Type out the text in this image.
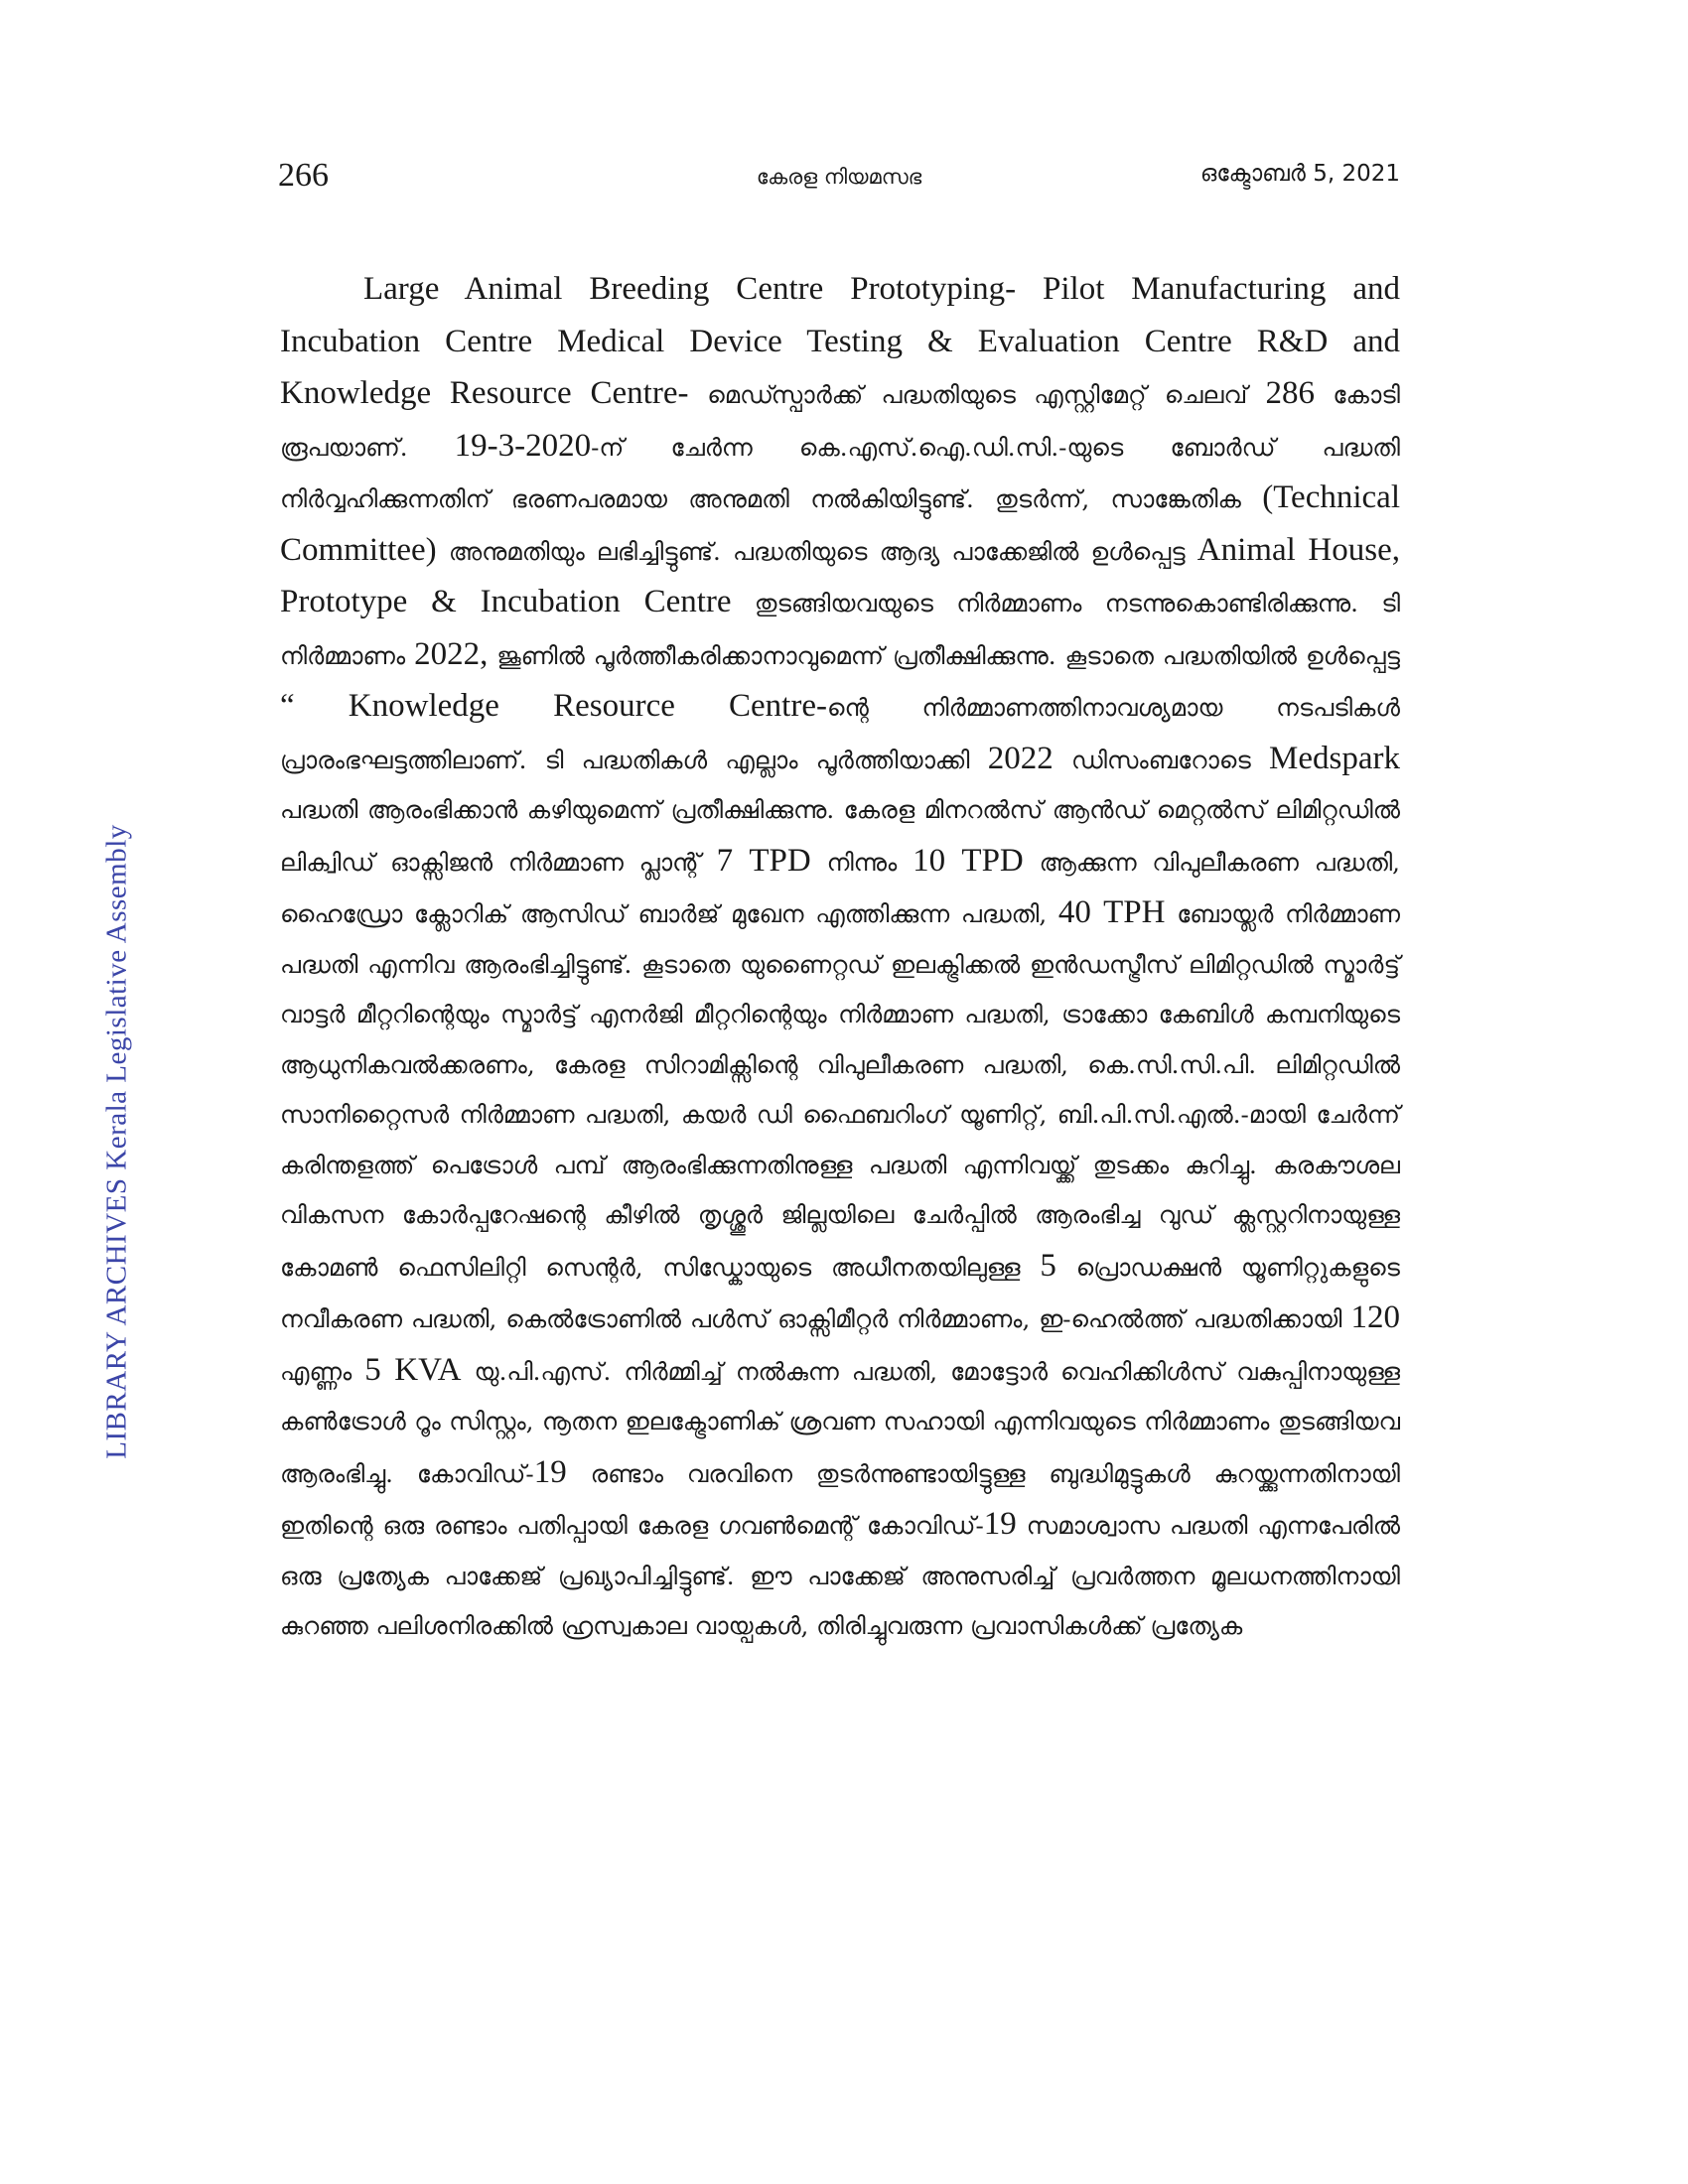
266	കേരള നിയമസഭ	ഒക്ടോബർ 5, 2021
LIBRARY ARCHIVES Kerala Legislative Assembly

Large Animal Breeding Centre Prototyping- Pilot Manufacturing and Incubation Centre Medical Device Testing & Evaluation Centre R&D and Knowledge Resource Centre- മെഡ്സ്പാർക്ക് പദ്ധതിയുടെ എസ്റ്റിമേറ്റ് ചെലവ് 286 കോടി രൂപയാണ്. 19-3-2020-ന് ചേർന്ന കെ.എസ്.ഐ.ഡി.സി.-യുടെ ബോർഡ് പദ്ധതി നിർവ്വഹിക്കുന്നതിന് ഭരണപരമായ അനുമതി നൽകിയിട്ടുണ്ട്. തുടർന്ന്, സാങ്കേതിക (Technical Committee) അനുമതിയും ലഭിച്ചിട്ടുണ്ട്. പദ്ധതിയുടെ ആദ്യ പാക്കേജിൽ ഉൾപ്പെട്ട Animal House, Prototype & Incubation Centre തുടങ്ങിയവയുടെ നിർമ്മാണം നടന്നുകൊണ്ടിരിക്കുന്നു. ടി നിർമ്മാണം 2022, ജൂണിൽ പൂർത്തീകരിക്കാനാവുമെന്ന് പ്രതീക്ഷിക്കുന്നു. കൂടാതെ പദ്ധതിയിൽ ഉൾപ്പെട്ട “ Knowledge Resource Centre-ന്റെ നിർമ്മാണത്തിനാവശ്യമായ നടപടികൾ പ്രാരംഭഘട്ടത്തിലാണ്. ടി പദ്ധതികൾ എല്ലാം പൂർത്തിയാക്കി 2022 ഡിസംബറോടെ Medspark പദ്ധതി ആരംഭിക്കാൻ കഴിയുമെന്ന് പ്രതീക്ഷിക്കുന്നു. കേരള മിനറൽസ് ആൻഡ് മെറ്റൽസ് ലിമിറ്റഡിൽ ലിക്വിഡ് ഓക്സിജൻ നിർമ്മാണ പ്ലാന്റ് 7 TPD നിന്നും 10 TPD ആക്കുന്ന വിപുലീകരണ പദ്ധതി, ഹൈഡ്രോ ക്ലോറിക് ആസിഡ് ബാർജ് മുഖേന എത്തിക്കുന്ന പദ്ധതി, 40 TPH ബോയ്ലർ നിർമ്മാണ പദ്ധതി എന്നിവ ആരംഭിച്ചിട്ടുണ്ട്. കൂടാതെ യുണൈറ്റഡ് ഇലക്ട്രിക്കൽ ഇൻഡസ്ട്രീസ് ലിമിറ്റഡിൽ സ്മാർട്ട് വാട്ടർ മീറ്ററിന്റെയും സ്മാർട്ട് എനർജി മീറ്ററിന്റെയും നിർമ്മാണ പദ്ധതി, ട്രാക്കോ കേബിൾ കമ്പനിയുടെ ആധുനികവൽക്കരണം, കേരള സിറാമിക്സിന്റെ വിപുലീകരണ പദ്ധതി, കെ.സി.സി.പി. ലിമിറ്റഡിൽ സാനിറ്റൈസർ നിർമ്മാണ പദ്ധതി, കയർ ഡി ഫൈബറിംഗ് യൂണിറ്റ്, ബി.പി.സി.എൽ.-മായി ചേർന്ന് കരിന്തളത്ത് പെട്രോൾ പമ്പ് ആരംഭിക്കുന്നതിനുള്ള പദ്ധതി എന്നിവയ്ക്ക് തുടക്കം കുറിച്ചു. കരകൗശല വികസന കോർപ്പറേഷന്റെ കീഴിൽ തൃശ്ശൂർ ജില്ലയിലെ ചേർപ്പിൽ ആരംഭിച്ച വുഡ് ക്ലസ്റ്ററിനായുള്ള കോമൺ ഫെസിലിറ്റി സെന്റർ, സിഡ്കോയുടെ അധീനതയിലുള്ള 5 പ്രൊഡക്ഷൻ യൂണിറ്റുകളുടെ നവീകരണ പദ്ധതി, കെൽട്രോണിൽ പൾസ് ഓക്സിമീറ്റർ നിർമ്മാണം, ഇ-ഹെൽത്ത് പദ്ധതിക്കായി 120 എണ്ണം 5 KVA യു.പി.എസ്. നിർമ്മിച്ച് നൽകുന്ന പദ്ധതി, മോട്ടോർ വെഹിക്കിൾസ് വകുപ്പിനായുള്ള കൺട്രോൾ റൂം സിസ്റ്റം, നൂതന ഇലക്ട്രോണിക് ശ്രവണ സഹായി എന്നിവയുടെ നിർമ്മാണം തുടങ്ങിയവ ആരംഭിച്ചു. കോവിഡ്-19 രണ്ടാം വരവിനെ തുടർന്നുണ്ടായിട്ടുള്ള ബുദ്ധിമുട്ടുകൾ കുറയ്ക്കുന്നതിനായി ഇതിന്റെ ഒരു രണ്ടാം പതിപ്പായി കേരള ഗവൺമെന്റ് കോവിഡ്-19 സമാശ്വാസ പദ്ധതി എന്നപേരിൽ ഒരു പ്രത്യേക പാക്കേജ് പ്രഖ്യാപിച്ചിട്ടുണ്ട്. ഈ പാക്കേജ് അനുസരിച്ച് പ്രവർത്തന മൂലധനത്തിനായി കുറഞ്ഞ പലിശനിരക്കിൽ ഹ്രസ്വകാല വായ്പകൾ, തിരിച്ചുവരുന്ന പ്രവാസികൾക്ക് പ്രത്യേക
